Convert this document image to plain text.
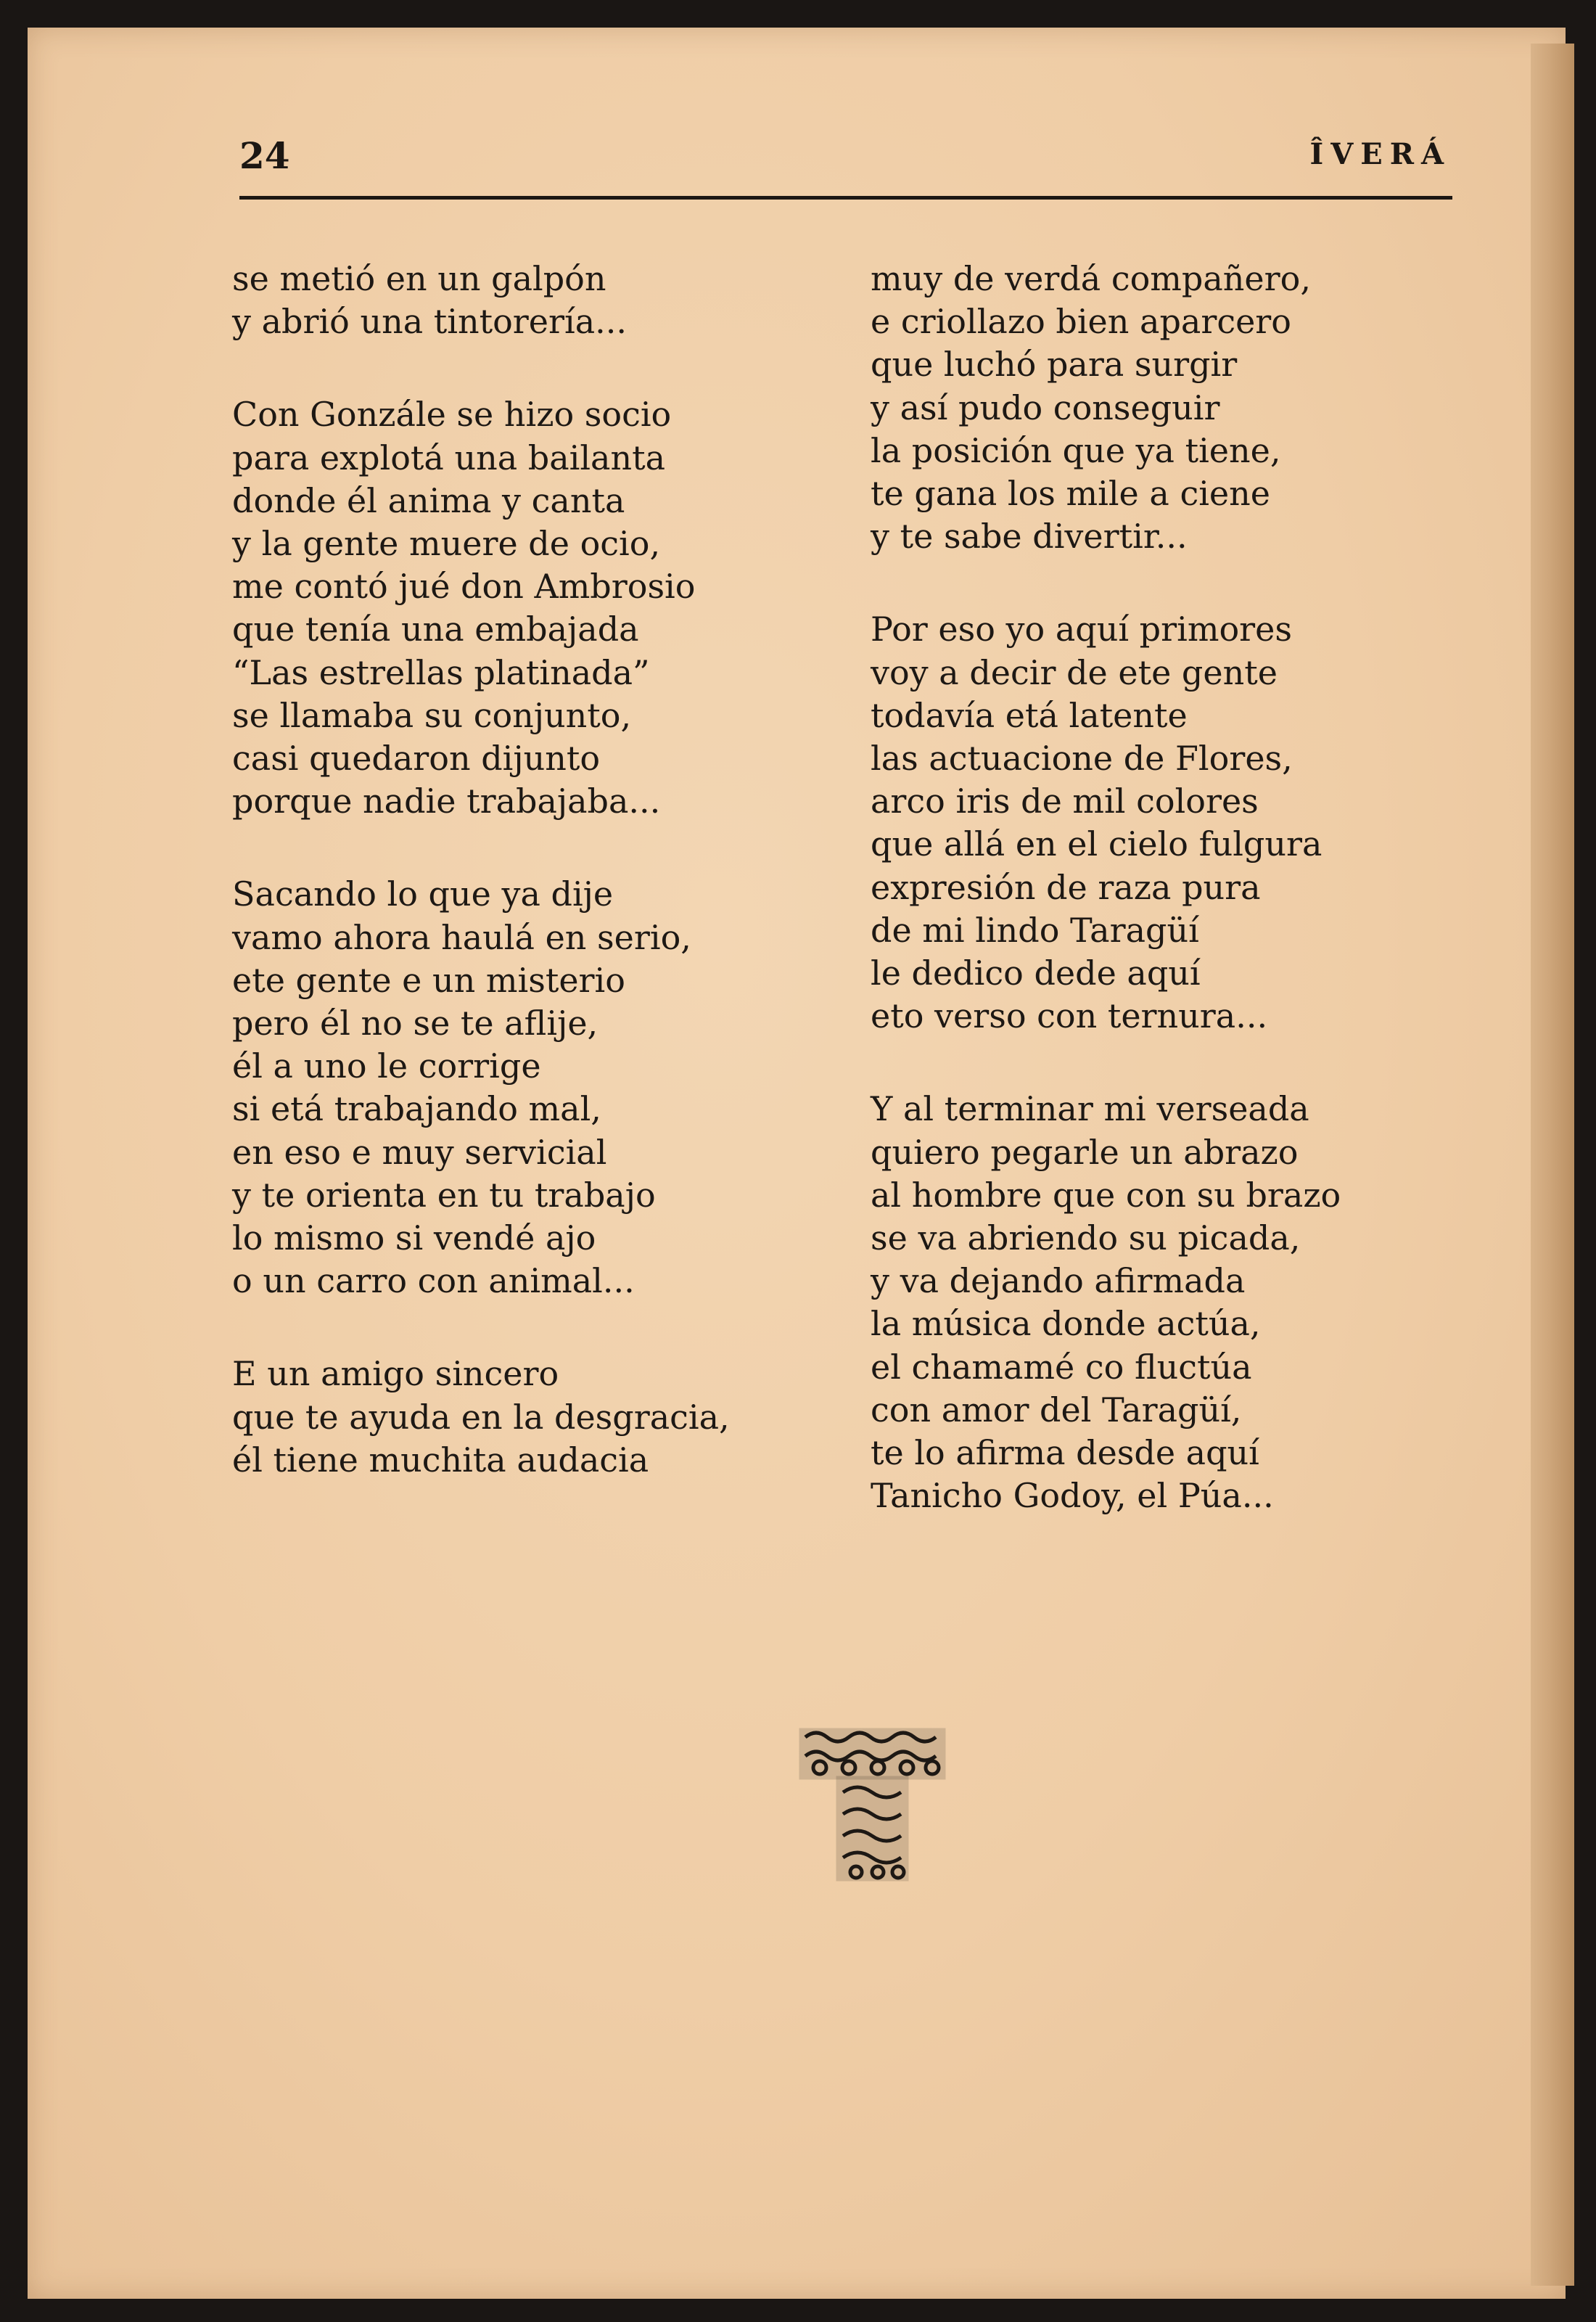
24	ÎVERÁ
se metió en un galpón
y abrió una tintorería...
Con Gonzále se hizo socio
para explotá una bailanta
donde él anima y canta
y la gente muere de ocio,
me contó jué don Ambrosio
que tenía una embajada
“Las estrellas platinada”
se llamaba su conjunto,
casi quedaron dijunto
porque nadie trabajaba...
Sacando lo que ya dije
vamo ahora haulá en serio,
ete gente e un misterio
pero él no se te aflije,
él a uno le corrige
si etá trabajando mal,
en eso e muy servicial
y te orienta en tu trabajo
lo mismo si vendé ajo
o un carro con animal...
E un amigo sincero
que te ayuda en la desgracia,
él tiene muchita audacia
muy de verdá compañero,
e criollazo bien aparcero
que luchó para surgir
y así pudo conseguir
la posición que ya tiene,
te gana los mile a ciene
y te sabe divertir...
Por eso yo aquí primores
voy a decir de ete gente
todavía etá latente
las actuacione de Flores,
arco iris de mil colores
que allá en el cielo fulgura
expresión de raza pura
de mi lindo Taragüí
le dedico dede aquí
eto verso con ternura...
Y al terminar mi verseada
quiero pegarle un abrazo
al hombre que con su brazo
se va abriendo su picada,
y va dejando afirmada
la música donde actúa,
el chamamé co fluctúa
con amor del Taragüí,
te lo afirma desde aquí
Tanicho Godoy, el Púa...
